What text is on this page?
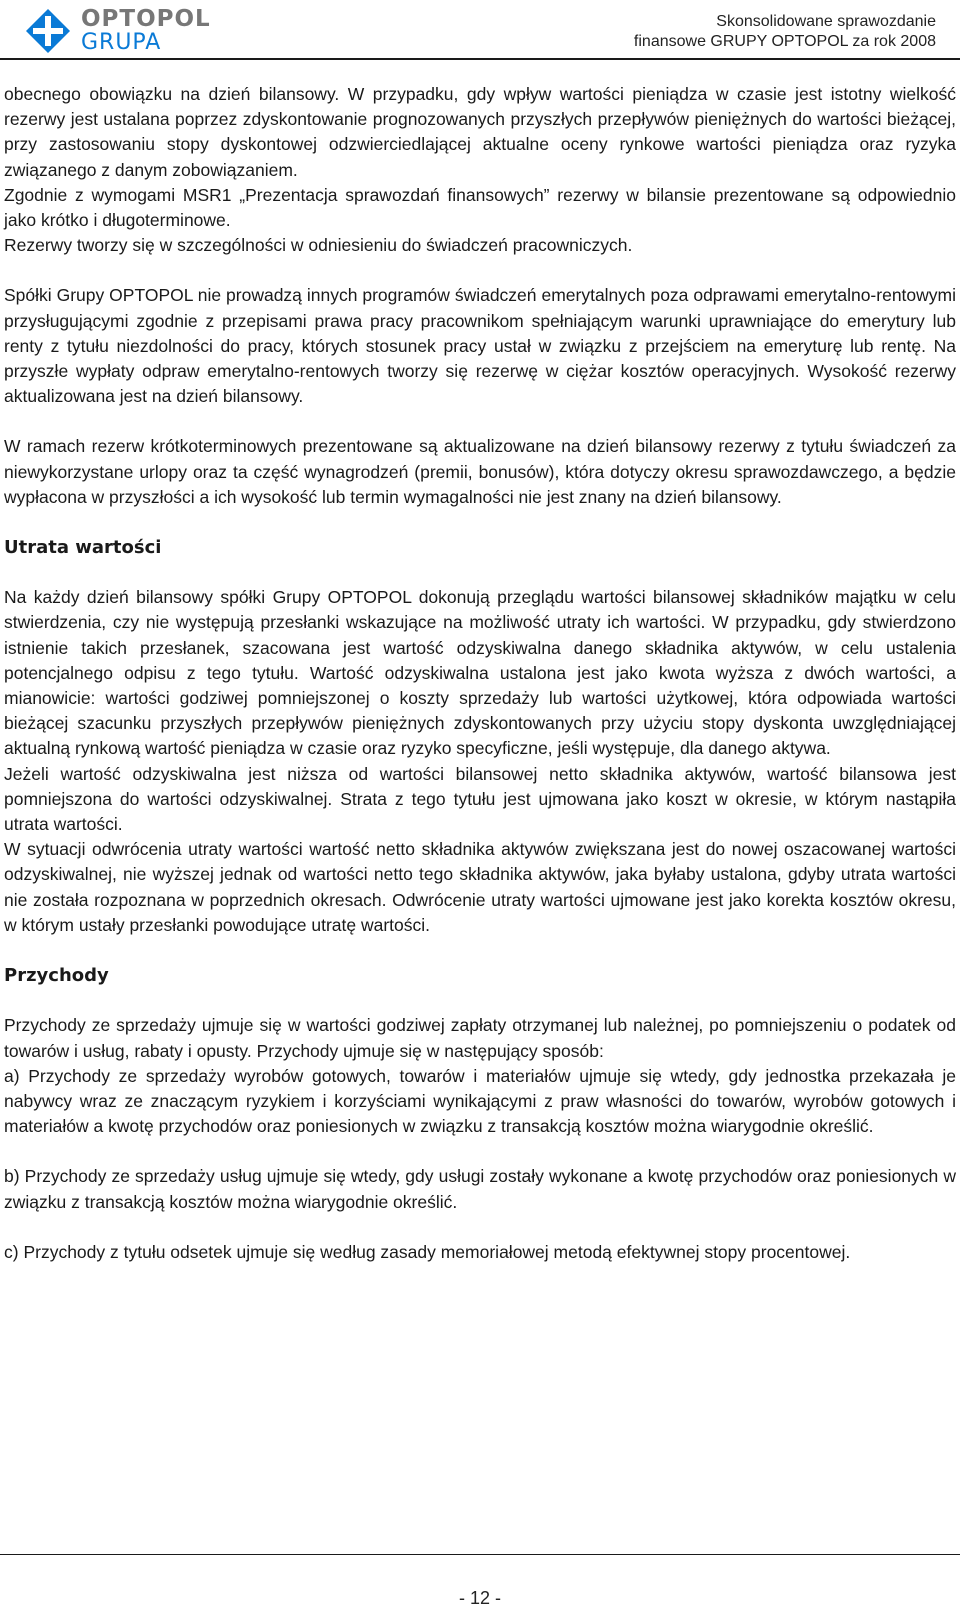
OPTOPOL
GRUPA
Skonsolidowane sprawozdanie
finansowe GRUPY OPTOPOL za rok 2008

obecnego obowiązku na dzień bilansowy. W przypadku, gdy wpływ wartości pieniądza w czasie jest istotny wielkość rezerwy jest ustalana poprzez zdyskontowanie prognozowanych przyszłych przepływów pieniężnych do wartości bieżącej, przy zastosowaniu stopy dyskontowej odzwierciedlającej aktualne oceny rynkowe wartości pieniądza oraz ryzyka związanego z danym zobowiązaniem.

Zgodnie z wymogami MSR1 „Prezentacja sprawozdań finansowych” rezerwy w bilansie prezentowane są odpowiednio jako krótko i długoterminowe.

Rezerwy tworzy się w szczególności w odniesieniu do świadczeń pracowniczych.

Spółki Grupy OPTOPOL nie prowadzą innych programów świadczeń emerytalnych poza odprawami emerytalno-rentowymi przysługującymi zgodnie z przepisami prawa pracy pracownikom spełniającym warunki uprawniające do emerytury lub renty z tytułu niezdolności do pracy, których stosunek pracy ustał w związku z przejściem na emeryturę lub rentę. Na przyszłe wypłaty odpraw emerytalno-rentowych tworzy się rezerwę w ciężar kosztów operacyjnych. Wysokość rezerwy aktualizowana jest na dzień bilansowy.

W ramach rezerw krótkoterminowych prezentowane są aktualizowane na dzień bilansowy rezerwy z tytułu świadczeń za niewykorzystane urlopy oraz ta część wynagrodzeń (premii, bonusów), która dotyczy okresu sprawozdawczego, a będzie wypłacona w przyszłości a ich wysokość lub termin wymagalności nie jest znany na dzień bilansowy.

Utrata wartości

Na każdy dzień bilansowy spółki Grupy OPTOPOL dokonują przeglądu wartości bilansowej składników majątku w celu stwierdzenia, czy nie występują przesłanki wskazujące na możliwość utraty ich wartości. W przypadku, gdy stwierdzono istnienie takich przesłanek, szacowana jest wartość odzyskiwalna danego składnika aktywów, w celu ustalenia potencjalnego odpisu z tego tytułu. Wartość odzyskiwalna ustalona jest jako kwota wyższa z dwóch wartości, a mianowicie: wartości godziwej pomniejszonej o koszty sprzedaży lub wartości użytkowej, która odpowiada wartości bieżącej szacunku przyszłych przepływów pieniężnych zdyskontowanych przy użyciu stopy dyskonta uwzględniającej aktualną rynkową wartość pieniądza w czasie oraz ryzyko specyficzne, jeśli występuje, dla danego aktywa.

Jeżeli wartość odzyskiwalna jest niższa od wartości bilansowej netto składnika aktywów, wartość bilansowa jest pomniejszona do wartości odzyskiwalnej. Strata z tego tytułu jest ujmowana jako koszt w okresie, w którym nastąpiła utrata wartości.

W sytuacji odwrócenia utraty wartości wartość netto składnika aktywów zwiększana jest do nowej oszacowanej wartości odzyskiwalnej, nie wyższej jednak od wartości netto tego składnika aktywów, jaka byłaby ustalona, gdyby utrata wartości nie została rozpoznana w poprzednich okresach. Odwrócenie utraty wartości ujmowane jest jako korekta kosztów okresu, w którym ustały przesłanki powodujące utratę wartości.

Przychody

Przychody ze sprzedaży ujmuje się w wartości godziwej zapłaty otrzymanej lub należnej, po pomniejszeniu o podatek od towarów i usług, rabaty i opusty. Przychody ujmuje się w następujący sposób:

a) Przychody ze sprzedaży wyrobów gotowych, towarów i materiałów ujmuje się wtedy, gdy jednostka przekazała je nabywcy wraz ze znaczącym ryzykiem i korzyściami wynikającymi z praw własności do towarów, wyrobów gotowych i materiałów a kwotę przychodów oraz poniesionych w związku z transakcją kosztów można wiarygodnie określić.

b) Przychody ze sprzedaży usług ujmuje się wtedy, gdy usługi zostały wykonane a kwotę przychodów oraz poniesionych w związku z transakcją kosztów można wiarygodnie określić.

c) Przychody z tytułu odsetek ujmuje się według zasady memoriałowej metodą efektywnej stopy procentowej.

- 12 -
